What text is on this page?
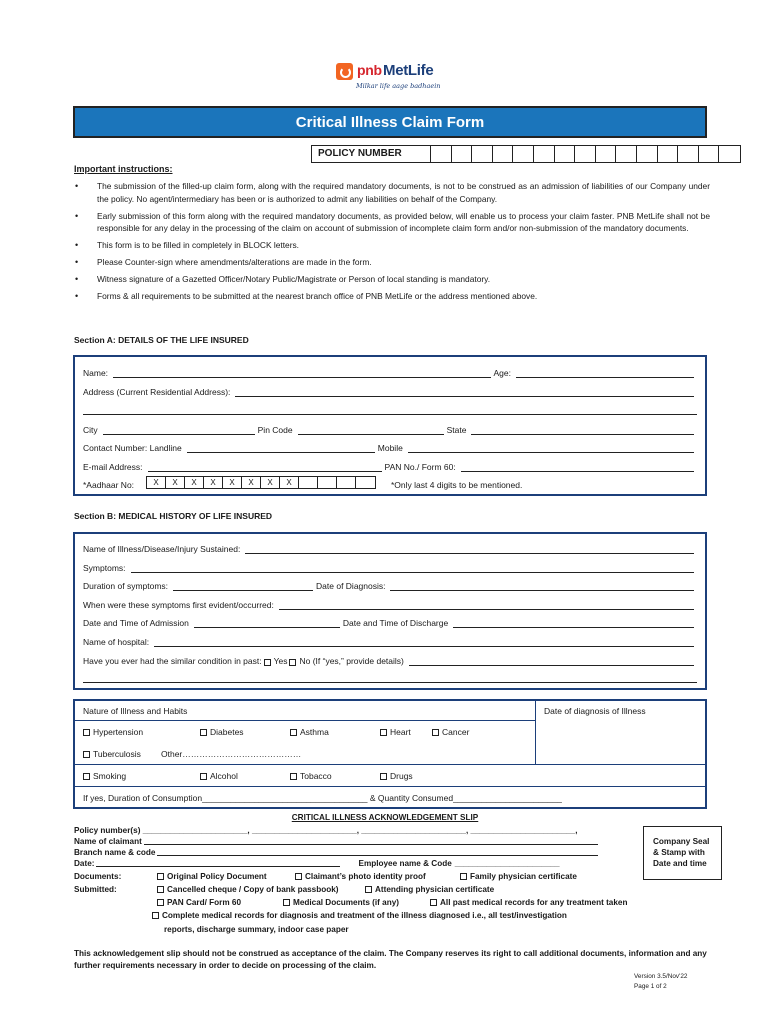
pnb MetLife
Milkar life aage badhaein
Critical Illness Claim Form
POLICY NUMBER
Important instructions:
• The submission of the filled-up claim form, along with the required mandatory documents, is not to be construed as an admission of liabilities of our Company under the policy. No agent/intermediary has been or is authorized to admit any liabilities on behalf of the Company.
• Early submission of this form along with the required mandatory documents, as provided below, will enable us to process your claim faster. PNB MetLife shall not be responsible for any delay in the processing of the claim on account of submission of incomplete claim form and/or non-submission of the mandatory documents.
• This form is to be filled in completely in BLOCK letters.
• Please Counter-sign where amendments/alterations are made in the form.
• Witness signature of a Gazetted Officer/Notary Public/Magistrate or Person of local standing is mandatory.
• Forms & all requirements to be submitted at the nearest branch office of PNB MetLife or the address mentioned above.
Section A: DETAILS OF THE LIFE INSURED
Name:	Age:
Address (Current Residential Address):
City	Pin Code	State
Contact Number: Landline	Mobile
E-mail Address:	PAN No./ Form 60:
*Aadhaar No:	X	X	X	X	X	X	X	X	*Only last 4 digits to be mentioned.
Section B: MEDICAL HISTORY OF LIFE INSURED
Name of Illness/Disease/Injury Sustained:
Symptoms:
Duration of symptoms:	Date of Diagnosis:
When were these symptoms first evident/occurred:
Date and Time of Admission	Date and Time of Discharge
Name of hospital:
Have you ever had the similar condition in past: Yes No (If “yes,” provide details)
Nature of Illness and Habits	Date of diagnosis of Illness
Hypertension	Diabetes	Asthma	Heart	Cancer
Tuberculosis Other……………………………………
Smoking	Alcohol	Tobacco	Drugs
If yes, Duration of Consumption___________________________________ & Quantity Consumed_______________________
CRITICAL ILLNESS ACKNOWLEDGEMENT SLIP
Policy number(s) _______________________, _______________________, _______________________, _______________________,
Name of claimant
Branch name & code
Date:	Employee name & Code _______________________
Documents:
Submitted:
Original Policy Document	Claimant’s photo identity proof	Family physician certificate
Cancelled cheque / Copy of bank passbook)	Attending physician certificate
PAN Card/ Form 60	Medical Documents (if any)	All past medical records for any treatment taken
Complete medical records for diagnosis and treatment of the illness diagnosed i.e., all test/investigation
reports, discharge summary, indoor case paper
Company Seal
& Stamp with
Date and time
This acknowledgement slip should not be construed as acceptance of the claim. The Company reserves its right to call additional documents, information and any further requirements necessary in order to decide on processing of the claim.
Version 3.5/Nov'22
Page 1 of 2
